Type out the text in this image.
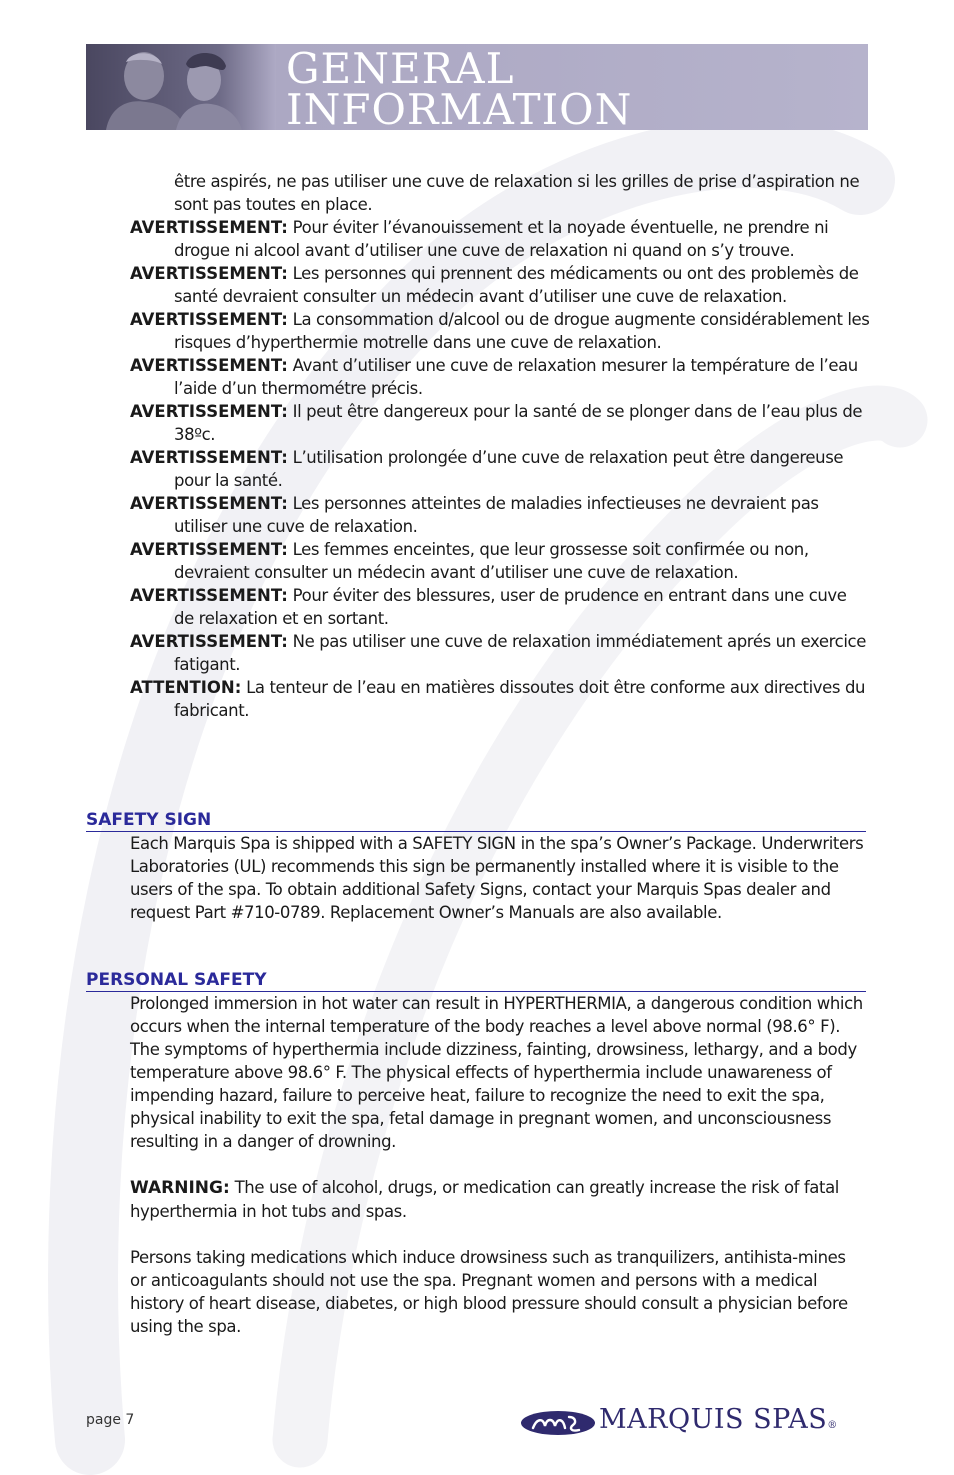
GENERAL
INFORMATION

être aspirés, ne pas utiliser une cuve de relaxation si les grilles de prise d’aspiration ne sont pas toutes en place.

AVERTISSEMENT: Pour éviter l’évanouissement et la noyade éventuelle, ne prendre ni drogue ni alcool avant d’utiliser une cuve de relaxation ni quand on s’y trouve.

AVERTISSEMENT: Les personnes qui prennent des médicaments ou ont des problemès de santé devraient consulter un médecin avant d’utiliser une cuve de relaxation.

AVERTISSEMENT: La consommation d/alcool ou de drogue augmente considérablement les risques d’hyperthermie motrelle dans une cuve de relaxation.

AVERTISSEMENT: Avant d’utiliser une cuve de relaxation mesurer la température de l’eau l’aide d’un thermométre précis.

AVERTISSEMENT: Il peut être dangereux pour la santé de se plonger dans de l’eau plus de 38ºc.

AVERTISSEMENT: L’utilisation prolongée d’une cuve de relaxation peut être dangereuse pour la santé.

AVERTISSEMENT: Les personnes atteintes de maladies infectieuses ne devraient pas utiliser une cuve de relaxation.

AVERTISSEMENT: Les femmes enceintes, que leur grossesse soit confirmée ou non, devraient consulter un médecin avant d’utiliser une cuve de relaxation.

AVERTISSEMENT: Pour éviter des blessures, user de prudence en entrant dans une cuve de relaxation et en sortant.

AVERTISSEMENT: Ne pas utiliser une cuve de relaxation immédiatement aprés un exercice fatigant.

ATTENTION: La tenteur de l’eau en matières dissoutes doit être conforme aux directives du fabricant.

SAFETY SIGN

Each Marquis Spa is shipped with a SAFETY SIGN in the spa’s Owner’s Package. Underwriters Laboratories (UL) recommends this sign be permanently installed where it is visible to the users of the spa. To obtain additional Safety Signs, contact your Marquis Spas dealer and request Part #710-0789. Replacement Owner’s Manuals are also available.

PERSONAL SAFETY

Prolonged immersion in hot water can result in HYPERTHERMIA, a dangerous condition which occurs when the internal temperature of the body reaches a level above normal (98.6° F). The symptoms of hyperthermia include dizziness, fainting, drowsiness, lethargy, and a body temperature above 98.6° F. The physical effects of hyperthermia include unawareness of impending hazard, failure to perceive heat, failure to recognize the need to exit the spa, physical inability to exit the spa, fetal damage in pregnant women, and unconsciousness resulting in a danger of drowning.

WARNING: The use of alcohol, drugs, or medication can greatly increase the risk of fatal hyperthermia in hot tubs and spas.

Persons taking medications which induce drowsiness such as tranquilizers, antihista-mines or anticoagulants should not use the spa. Pregnant women and persons with a medical history of heart disease, diabetes, or high blood pressure should consult a physician before using the spa.

page 7	MARQUIS SPAS®
